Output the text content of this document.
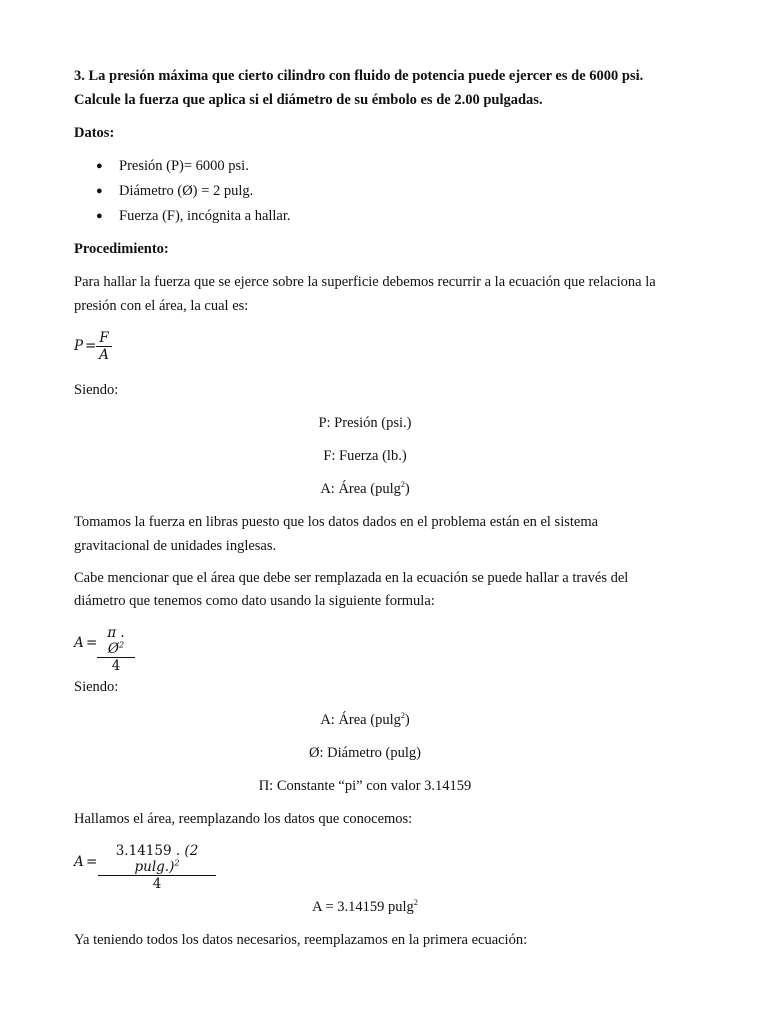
3. La presión máxima que cierto cilindro con fluido de potencia puede ejercer es de 6000 psi.
Calcule la fuerza que aplica si el diámetro de su émbolo es de 2.00 pulgadas.
Datos:
● Presión (P)= 6000 psi.
● Diámetro (Ø) = 2 pulg.
● Fuerza (F), incógnita a hallar.
Procedimiento:
Para hallar la fuerza que se ejerce sobre la superficie debemos recurrir a la ecuación que relaciona la
presión con el área, la cual es:
P = F
A
Siendo:
P: Presión (psi.)
F: Fuerza (lb.)
A: Área (pulg$^2$)
Tomamos la fuerza en libras puesto que los datos dados en el problema están en el sistema
gravitacional de unidades inglesas.
Cabe mencionar que el área que debe ser remplazada en la ecuación se puede hallar a través del
diámetro que tenemos como dato usando la siguiente formula:
A =
π . $Ø^2$
4
Siendo:
A: Área (pulg$^2$)
Ø: Diámetro (pulg)
Π: Constante “pi” con valor 3.14159
Hallamos el área, reemplazando los datos que conocemos:
A =
3.14159 . (2 pulg.)$^2$
4
A = 3.14159 pulg$^2$
Ya teniendo todos los datos necesarios, reemplazamos en la primera ecuación:
